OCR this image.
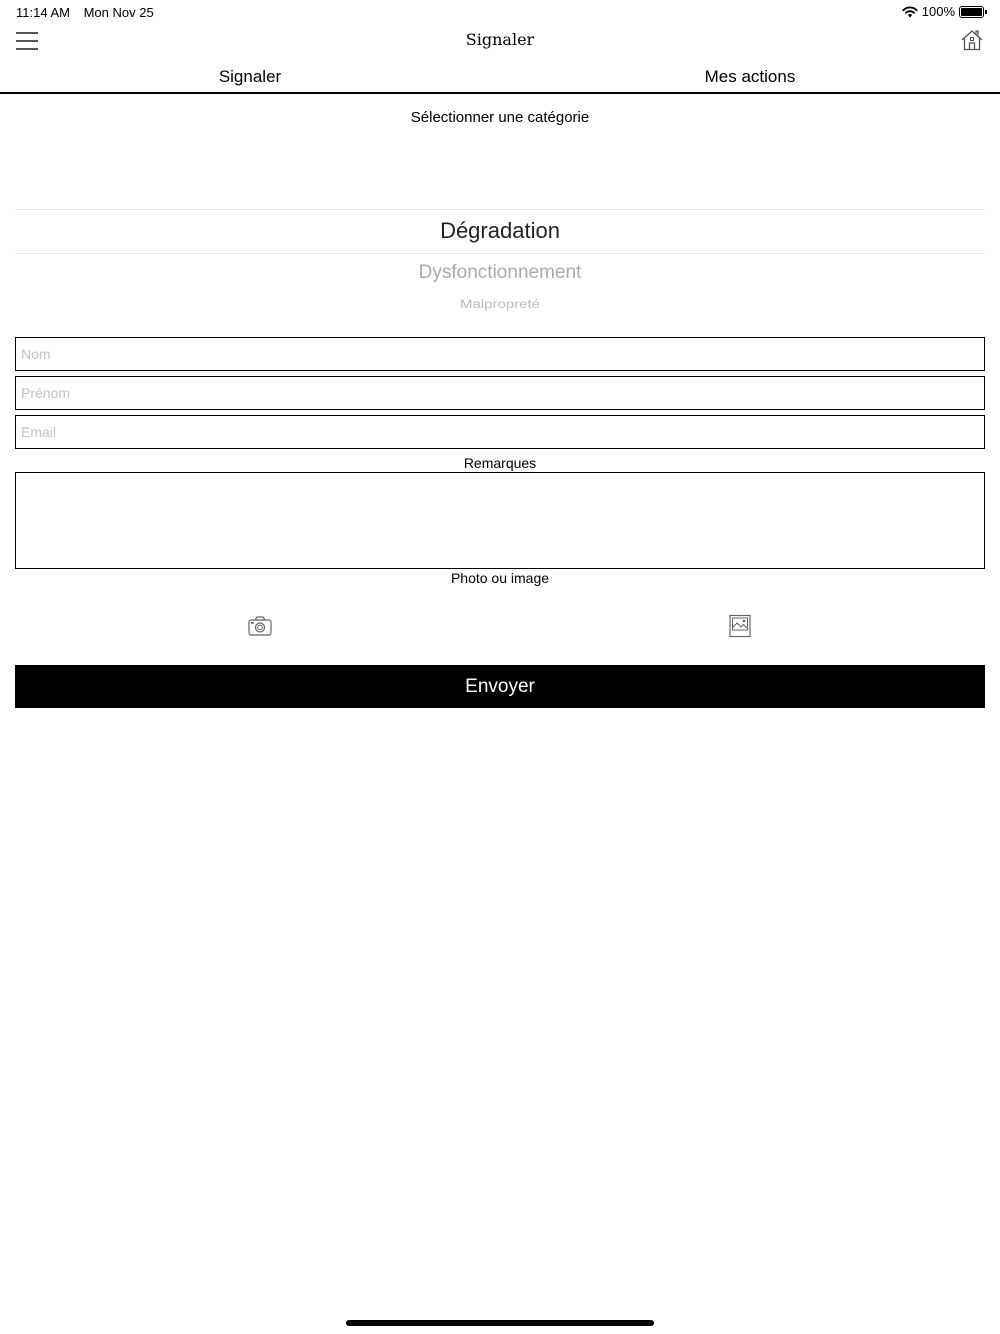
11:14 AM Mon Nov 25	100%
Signaler
Signaler	Mes actions
Sélectionner une catégorie
Dégradation
Dysfonctionnement
Malpropreté
Nom
Prénom
Email
Remarques
Photo ou image
Envoyer
